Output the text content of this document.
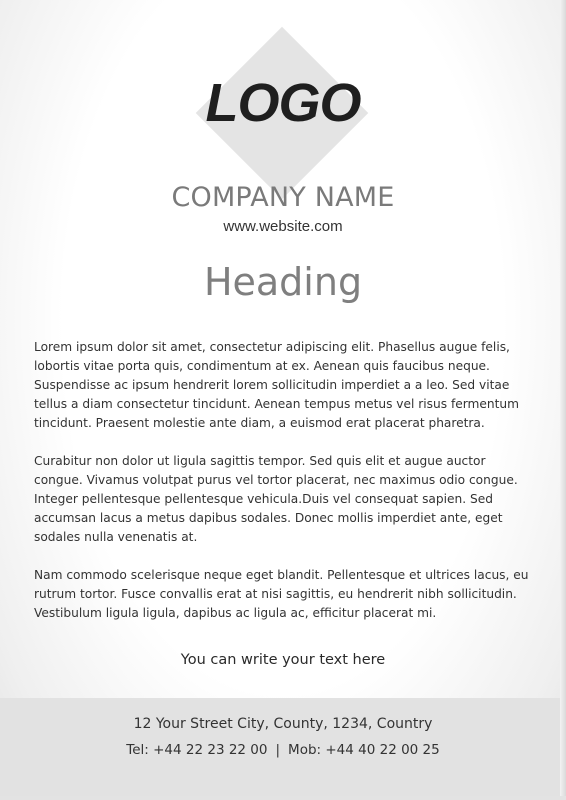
LOGO
COMPANY NAME
www.website.com
Heading

Lorem ipsum dolor sit amet, consectetur adipiscing elit. Phasellus augue felis, lobortis vitae porta quis, condimentum at ex. Aenean quis faucibus neque. Suspendisse ac ipsum hendrerit lorem sollicitudin imperdiet a a leo. Sed vitae tellus a diam consectetur tincidunt. Aenean tempus metus vel risus fermentum tincidunt. Praesent molestie ante diam, a euismod erat placerat pharetra.

Curabitur non dolor ut ligula sagittis tempor. Sed quis elit et augue auctor congue. Vivamus volutpat purus vel tortor placerat, nec maximus odio congue. Integer pellentesque pellentesque vehicula.Duis vel consequat sapien. Sed accumsan lacus a metus dapibus sodales. Donec mollis imperdiet ante, eget sodales nulla venenatis at.

Nam commodo scelerisque neque eget blandit. Pellentesque et ultrices lacus, eu rutrum tortor. Fusce convallis erat at nisi sagittis, eu hendrerit nibh sollicitudin. Vestibulum ligula ligula, dapibus ac ligula ac, efficitur placerat mi.

You can write your text here
12 Your Street City, County, 1234, Country
Tel: +44 22 23 22 00 | Mob: +44 40 22 00 25
